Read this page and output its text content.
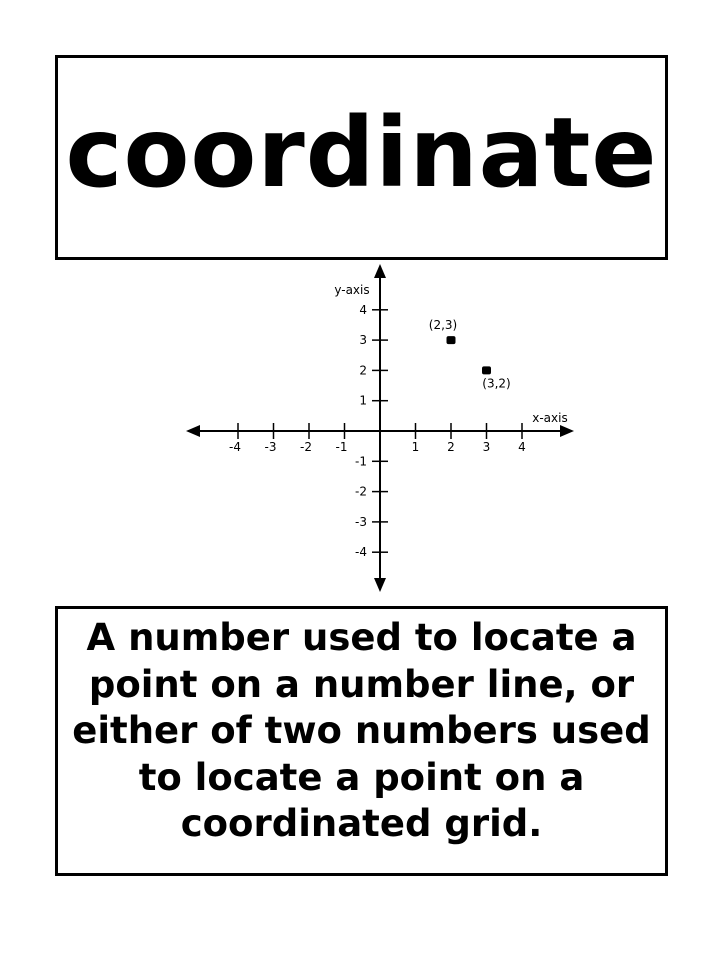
coordinate
-4 -3 -2 -1	1 2 3 4
4
3
2
1
-1
-2
-3
-4
x-axis
y-axis
(2,3)
(3,2)
A number used to locate a point on a number line, or either of two numbers used to locate a point on a coordinated grid.
